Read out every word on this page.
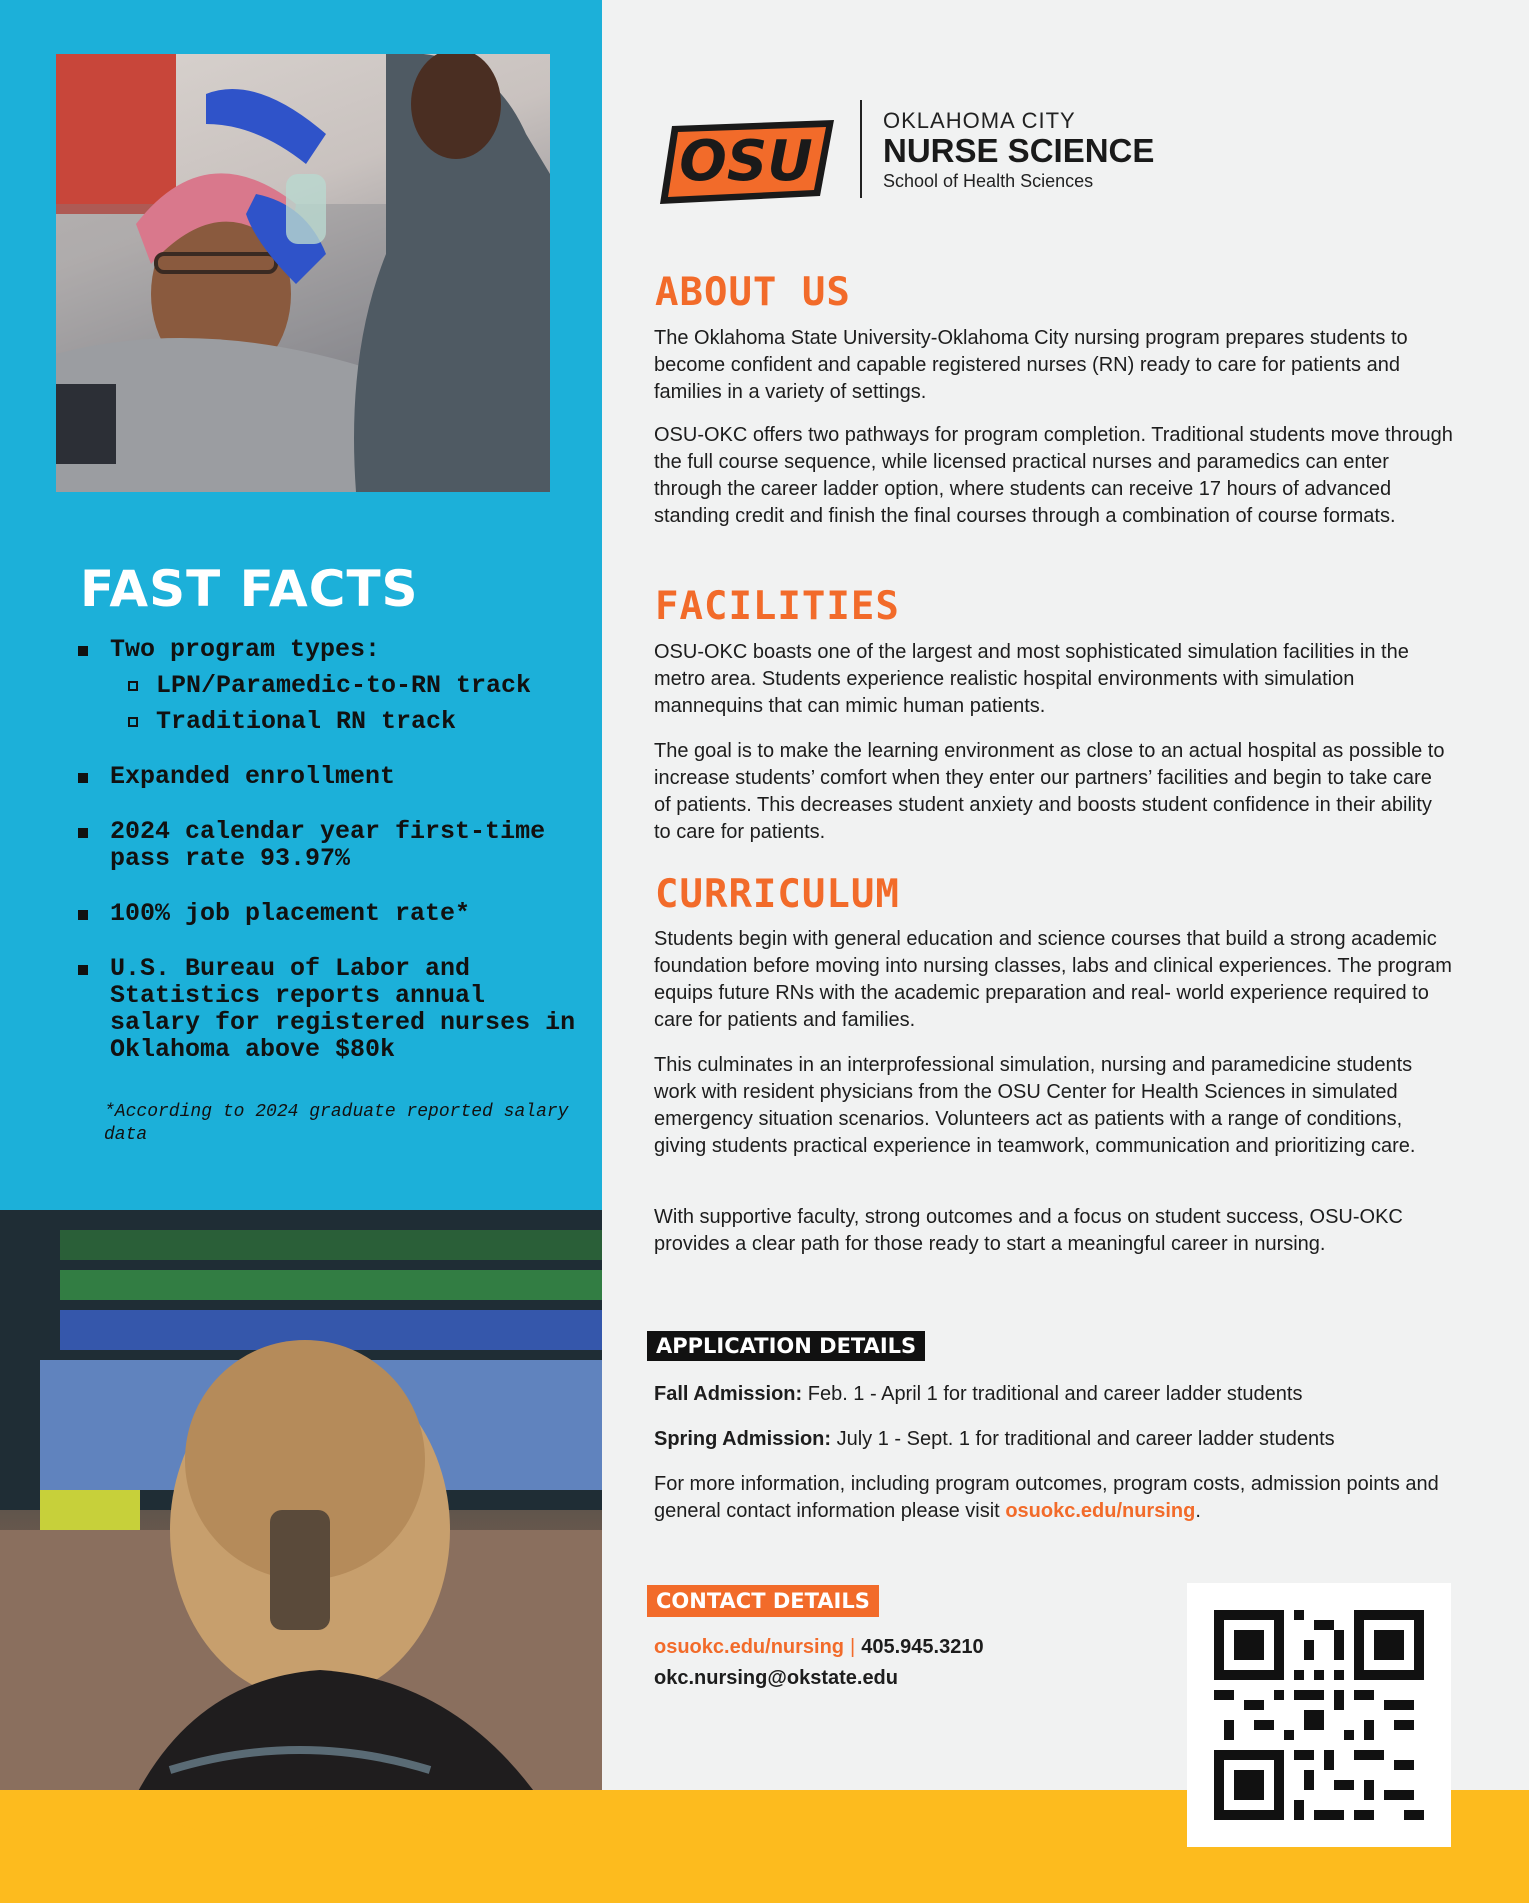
FAST FACTS
Two program types:
LPN/Paramedic-to-RN track
Traditional RN track
Expanded enrollment
2024 calendar year first-time pass rate 93.97%
100% job placement rate*
U.S. Bureau of Labor and Statistics reports annual salary for registered nurses in Oklahoma above $80k
*According to 2024 graduate reported salary data
OSU
OKLAHOMA CITY
NURSE SCIENCE
School of Health Sciences
ABOUT US
The Oklahoma State University-Oklahoma City nursing program prepares students to become confident and capable registered nurses (RN) ready to care for patients and families in a variety of settings.
OSU-OKC offers two pathways for program completion. Traditional students move through the full course sequence, while licensed practical nurses and paramedics can enter through the career ladder option, where students can receive 17 hours of advanced standing credit and finish the final courses through a combination of course formats.
FACILITIES
OSU-OKC boasts one of the largest and most sophisticated simulation facilities in the metro area. Students experience realistic hospital environments with simulation mannequins that can mimic human patients.
The goal is to make the learning environment as close to an actual hospital as possible to increase students’ comfort when they enter our partners’ facilities and begin to take care of patients. This decreases student anxiety and boosts student confidence in their ability to care for patients.
CURRICULUM
Students begin with general education and science courses that build a strong academic foundation before moving into nursing classes, labs and clinical experiences. The program equips future RNs with the academic preparation and real- world experience required to care for patients and families.
This culminates in an interprofessional simulation, nursing and paramedicine students work with resident physicians from the OSU Center for Health Sciences in simulated emergency situation scenarios. Volunteers act as patients with a range of conditions, giving students practical experience in teamwork, communication and prioritizing care.
With supportive faculty, strong outcomes and a focus on student success, OSU-OKC provides a clear path for those ready to start a meaningful career in nursing.
APPLICATION DETAILS
Fall Admission: Feb. 1 - April 1 for traditional and career ladder students
Spring Admission: July 1 - Sept. 1 for traditional and career ladder students
For more information, including program outcomes, program costs, admission points and general contact information please visit osuokc.edu/nursing.
CONTACT DETAILS
osuokc.edu/nursing | 405.945.3210
okc.nursing@okstate.edu
